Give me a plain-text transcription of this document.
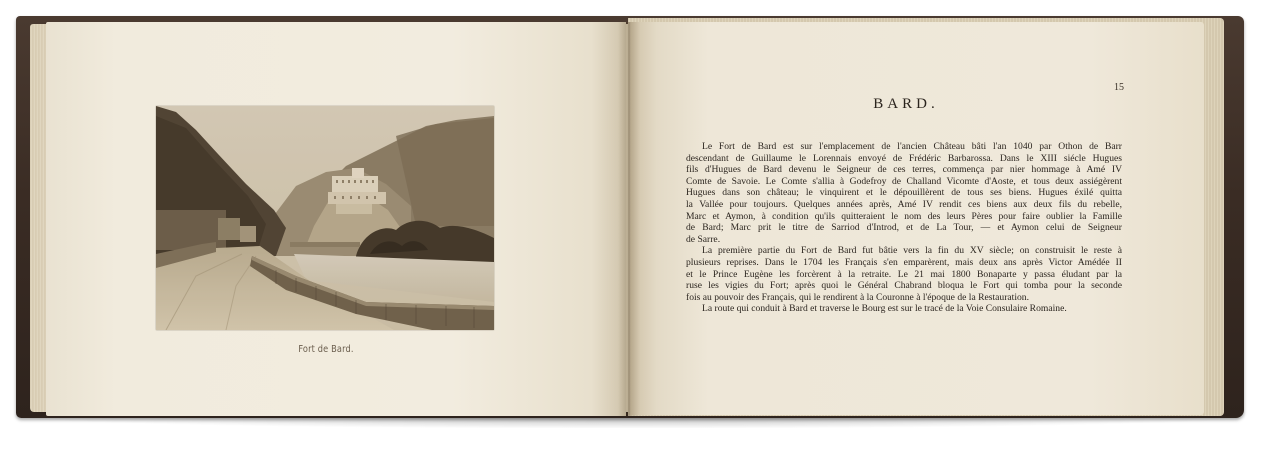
Fort de Bard.
15
BARD.
Le Fort de Bard est sur l'emplacement de l'ancien Château bâti l'an 1040 par Othon de Barr
descendant de Guillaume le Lorennais envoyé de Frédéric Barbarossa. Dans le XIII siécle Hugues
fils d'Hugues de Bard devenu le Seigneur de ces terres, commença par nier hommage à Amé IV
Comte de Savoie. Le Comte s'allia à Godefroy de Challand Vicomte d'Aoste, et tous deux assiégèrent
Hugues dans son château; le vinquirent et le dépouillèrent de tous ses biens. Hugues éxilé quitta
la Vallée pour toujours. Quelques années après, Amé IV rendit ces biens aux deux fils du rebelle,
Marc et Aymon, à condition qu'ils quitteraient le nom des leurs Pères pour faire oublier la Famille
de Bard; Marc prit le titre de Sarriod d'Introd, et de La Tour, — et Aymon celui de Seigneur
de Sarre.
La première partie du Fort de Bard fut bâtie vers la fin du XV siècle; on construisit le reste à
plusieurs reprises. Dans le 1704 les Français s'en emparèrent, mais deux ans après Victor Amédée II
et le Prince Eugène les forcèrent à la retraite. Le 21 mai 1800 Bonaparte y passa éludant par la
ruse les vigies du Fort; après quoi le Général Chabrand bloqua le Fort qui tomba pour la seconde
fois au pouvoir des Français, qui le rendirent à la Couronne à l'époque de la Restauration.
La route qui conduit à Bard et traverse le Bourg est sur le tracé de la Voie Consulaire Romaine.
